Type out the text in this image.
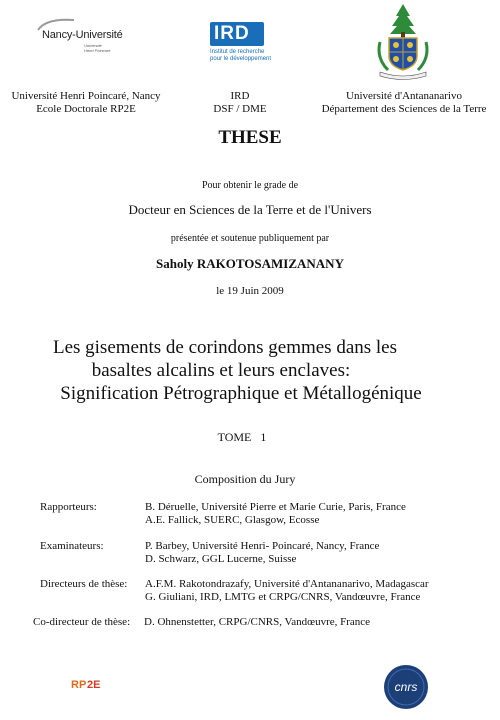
Nancy-Université
Université
Henri Poincaré
IRD
Institut de recherche
pour le développement
Université Henri Poincaré, Nancy
Ecole Doctorale RP2E
IRD
DSF / DME
Université d'Antananarivo
Département des Sciences de la Terre
THESE
Pour obtenir le grade de
Docteur en Sciences de la Terre et de l'Univers
présentée et soutenue publiquement par
Saholy RAKOTOSAMIZANANY
le 19 Juin 2009
Les gisements de corindons gemmes dans les
basaltes alcalins et leurs enclaves:
Signification Pétrographique et Métallogénique
TOME   1
Composition du Jury
Rapporteurs:	B. Déruelle, Université Pierre et Marie Curie, Paris, France
A.E. Fallick, SUERC, Glasgow, Ecosse
Examinateurs:	P. Barbey, Université Henri- Poincaré, Nancy, France
D. Schwarz, GGL Lucerne, Suisse
Directeurs de thèse: A.F.M. Rakotondrazafy, Université d'Antananarivo, Madagascar
G. Giuliani, IRD, LMTG et CRPG/CNRS, Vandœuvre, France
Co-directeur de thèse: D. Ohnenstetter, CRPG/CNRS, Vandœuvre, France
RP 2E	cnrs
